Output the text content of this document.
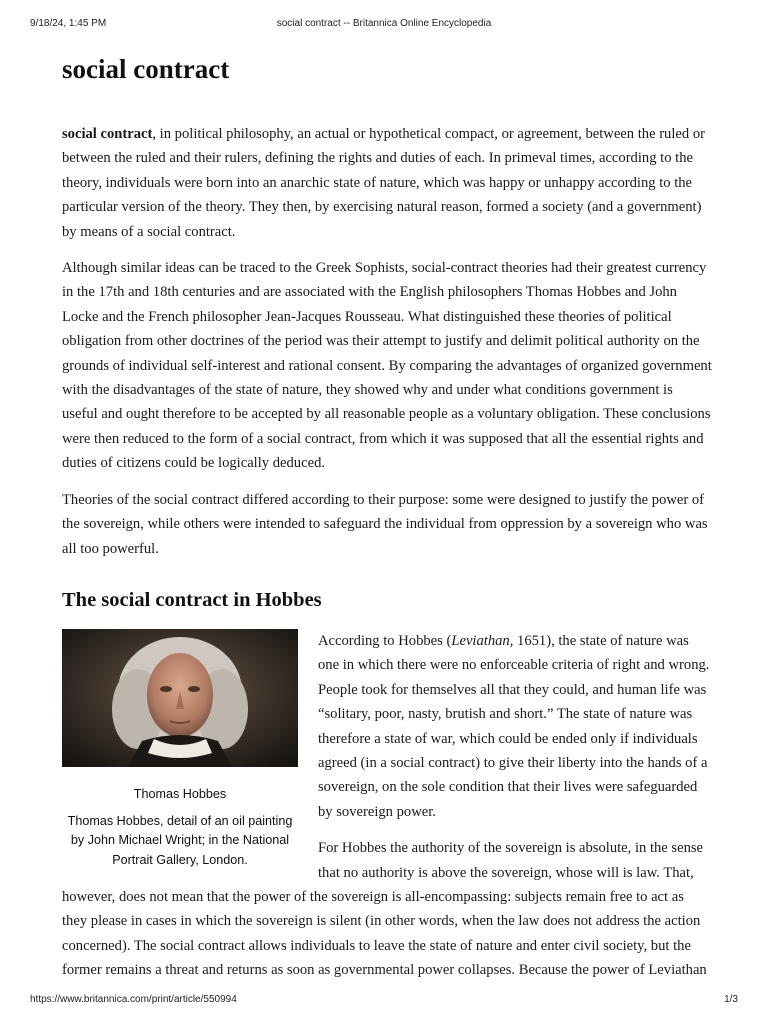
9/18/24, 1:45 PM	social contract -- Britannica Online Encyclopedia
social contract

social contract, in political philosophy, an actual or hypothetical compact, or agreement, between the ruled or between the ruled and their rulers, defining the rights and duties of each. In primeval times, according to the theory, individuals were born into an anarchic state of nature, which was happy or unhappy according to the particular version of the theory. They then, by exercising natural reason, formed a society (and a government) by means of a social contract.

Although similar ideas can be traced to the Greek Sophists, social-contract theories had their greatest currency in the 17th and 18th centuries and are associated with the English philosophers Thomas Hobbes and John Locke and the French philosopher Jean-Jacques Rousseau. What distinguished these theories of political obligation from other doctrines of the period was their attempt to justify and delimit political authority on the grounds of individual self-interest and rational consent. By comparing the advantages of organized government with the disadvantages of the state of nature, they showed why and under what conditions government is useful and ought therefore to be accepted by all reasonable people as a voluntary obligation. These conclusions were then reduced to the form of a social contract, from which it was supposed that all the essential rights and duties of citizens could be logically deduced.

Theories of the social contract differed according to their purpose: some were designed to justify the power of the sovereign, while others were intended to safeguard the individual from oppression by a sovereign who was all too powerful.

The social contract in Hobbes
Thomas Hobbes
Thomas Hobbes, detail of an oil painting by John Michael Wright; in the National Portrait Gallery, London.

According to Hobbes (Leviathan, 1651), the state of nature was one in which there were no enforceable criteria of right and wrong. People took for themselves all that they could, and human life was “solitary, poor, nasty, brutish and short.” The state of nature was therefore a state of war, which could be ended only if individuals agreed (in a social contract) to give their liberty into the hands of a sovereign, on the sole condition that their lives were safeguarded by sovereign power.

For Hobbes the authority of the sovereign is absolute, in the sense that no authority is above the sovereign, whose will is law. That, however, does not mean that the power of the sovereign is all-encompassing: subjects remain free to act as they please in cases in which the sovereign is silent (in other words, when the law does not address the action concerned). The social contract allows individuals to leave the state of nature and enter civil society, but the former remains a threat and returns as soon as governmental power collapses. Because the power of Leviathan

https://www.britannica.com/print/article/550994	1/3
